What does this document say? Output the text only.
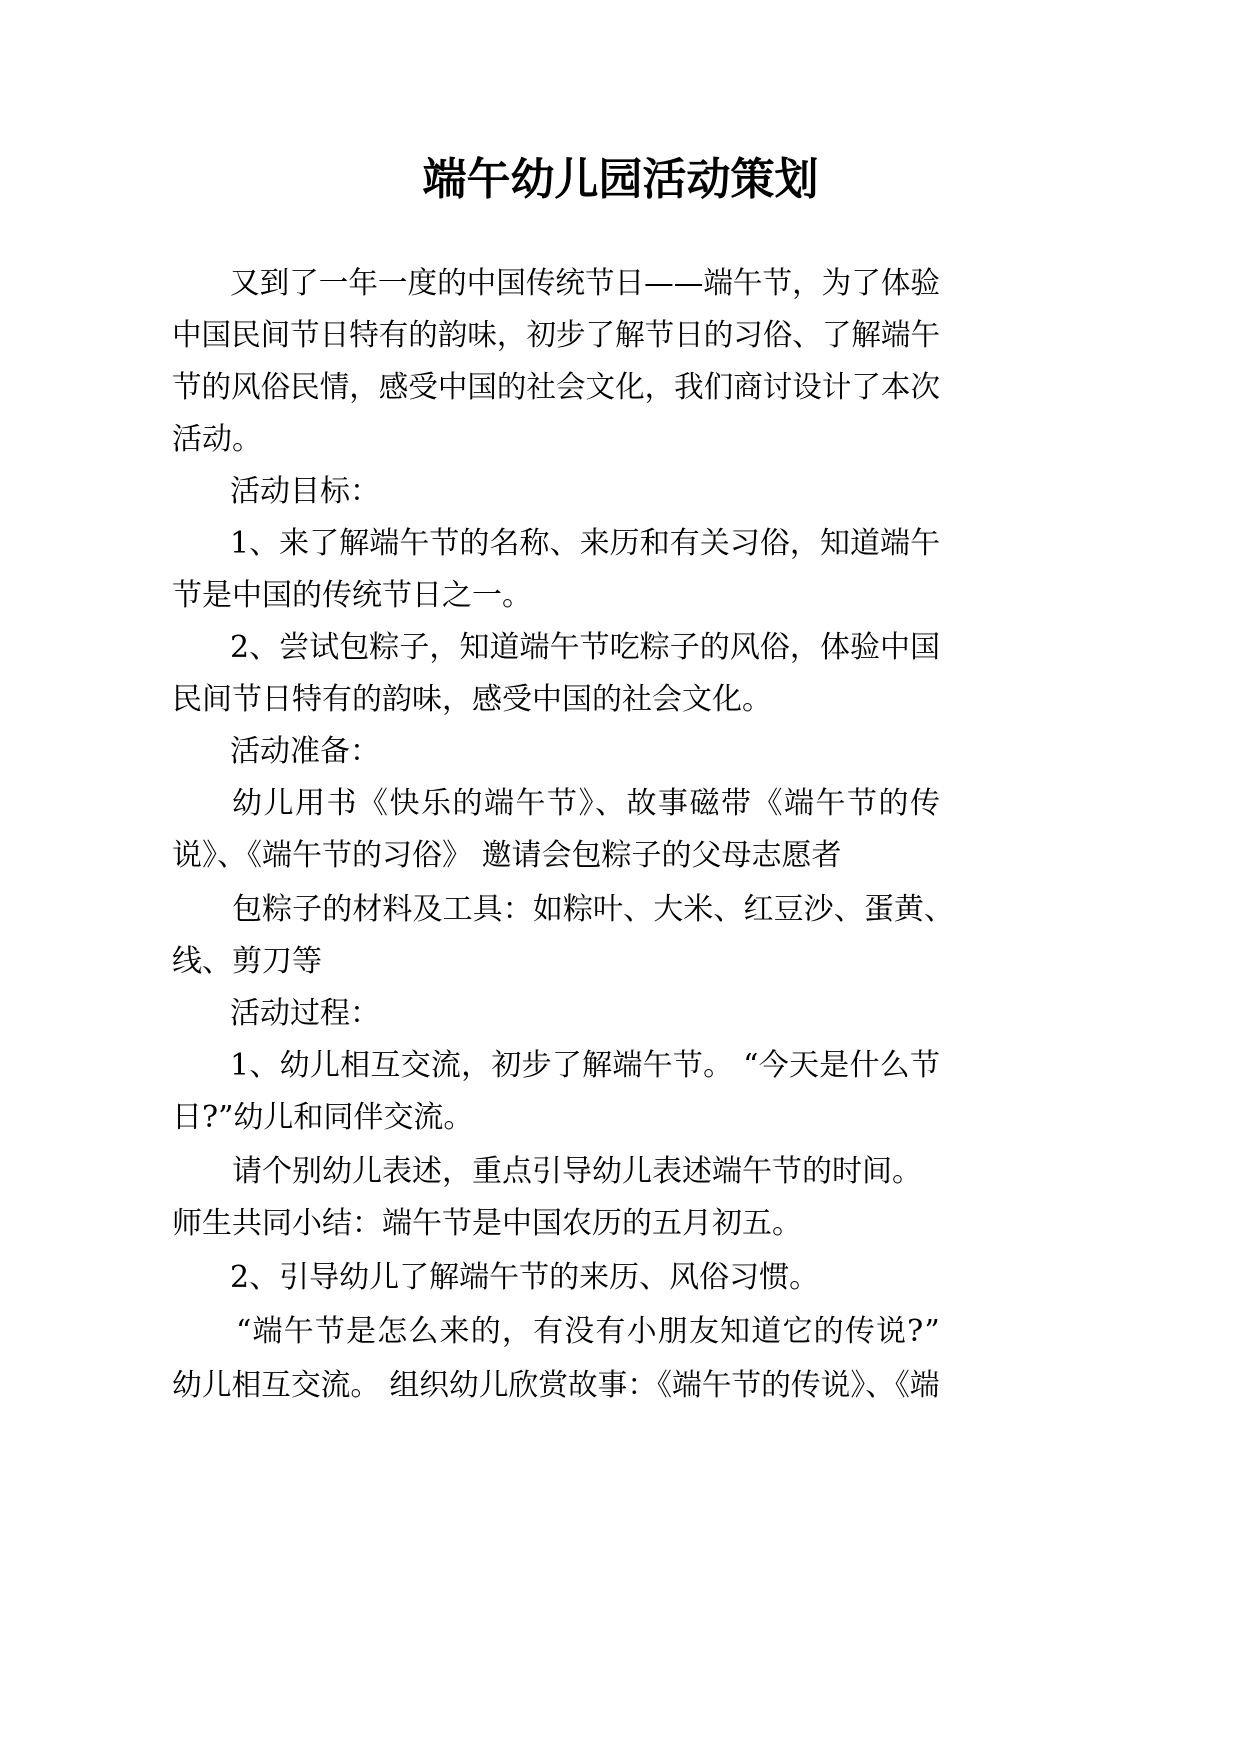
端午幼儿园活动策划
又到了一年一度的中国传统节日——端午节，为了体验
中国民间节日特有的韵味，初步了解节日的习俗、了解端午
节的风俗民情，感受中国的社会文化，我们商讨设计了本次
活动。
活动目标：
1、来了解端午节的名称、来历和有关习俗，知道端午
节是中国的传统节日之一。
2、尝试包粽子，知道端午节吃粽子的风俗，体验中国
民间节日特有的韵味，感受中国的社会文化。
活动准备：
幼儿用书《快乐的端午节》、故事磁带《端午节的传
说》、《端午节的习俗》 邀请会包粽子的父母志愿者
包粽子的材料及工具：如粽叶、大米、红豆沙、蛋黄、
线、剪刀等
活动过程：
1、幼儿相互交流，初步了解端午节。 “今天是什么节
日?”幼儿和同伴交流。
请个别幼儿表述，重点引导幼儿表述端午节的时间。
师生共同小结：端午节是中国农历的五月初五。
2、引导幼儿了解端午节的来历、风俗习惯。
“端午节是怎么来的，有没有小朋友知道它的传说?”
幼儿相互交流。 组织幼儿欣赏故事：《端午节的传说》、《端
